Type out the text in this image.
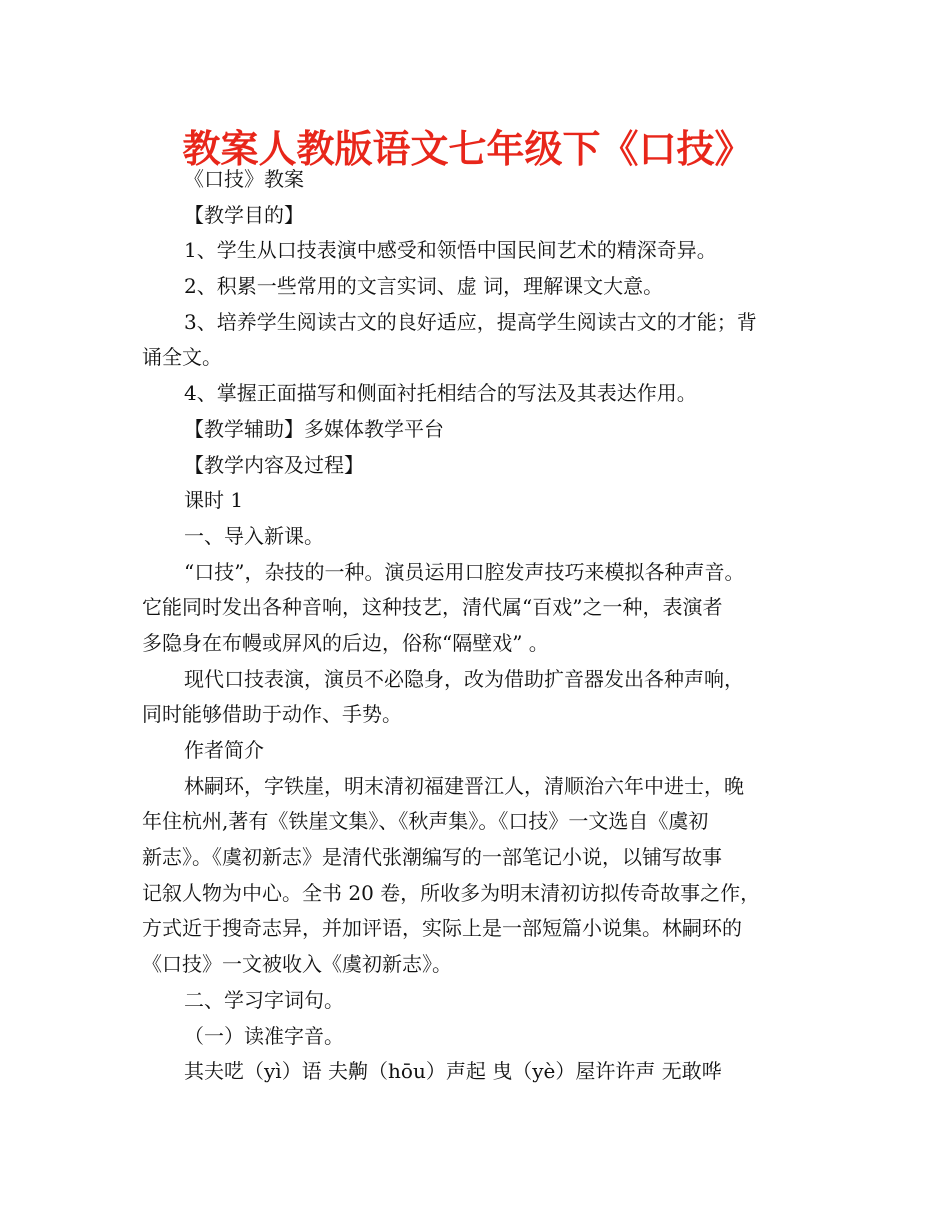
教案人教版语文七年级下《口技》
《口技》教案
【教学目的】
1、学生从口技表演中感受和领悟中国民间艺术的精深奇异。
2、积累一些常用的文言实词、虚 词，理解课文大意。
3、培养学生阅读古文的良好适应，提高学生阅读古文的才能；背
诵全文。
4、掌握正面描写和侧面衬托相结合的写法及其表达作用。
【教学辅助】多媒体教学平台
【教学内容及过程】
课时 1
一、导入新课。
“口技”，杂技的一种。演员运用口腔发声技巧来模拟各种声音。
它能同时发出各种音响，这种技艺，清代属“百戏”之一种，表演者
多隐身在布幔或屏风的后边，俗称“隔壁戏” 。
现代口技表演，演员不必隐身，改为借助扩音器发出各种声响，
同时能够借助于动作、手势。
作者简介
林嗣环，字铁崖，明末清初福建晋江人，清顺治六年中进士，晚
年住杭州,著有《铁崖文集》、《秋声集》。《口技》一文选自《虞初
新志》。《虞初新志》是清代张潮编写的一部笔记小说，以铺写故事
记叙人物为中心。全书 20 卷，所收多为明末清初访拟传奇故事之作，
方式近于搜奇志异，并加评语，实际上是一部短篇小说集。林嗣环的
《口技》一文被收入《虞初新志》。
二、学习字词句。
（一）读准字音。
其夫呓（yì）语 夫齁（hōu）声起 曳（yè）屋许许声 无敢哗
